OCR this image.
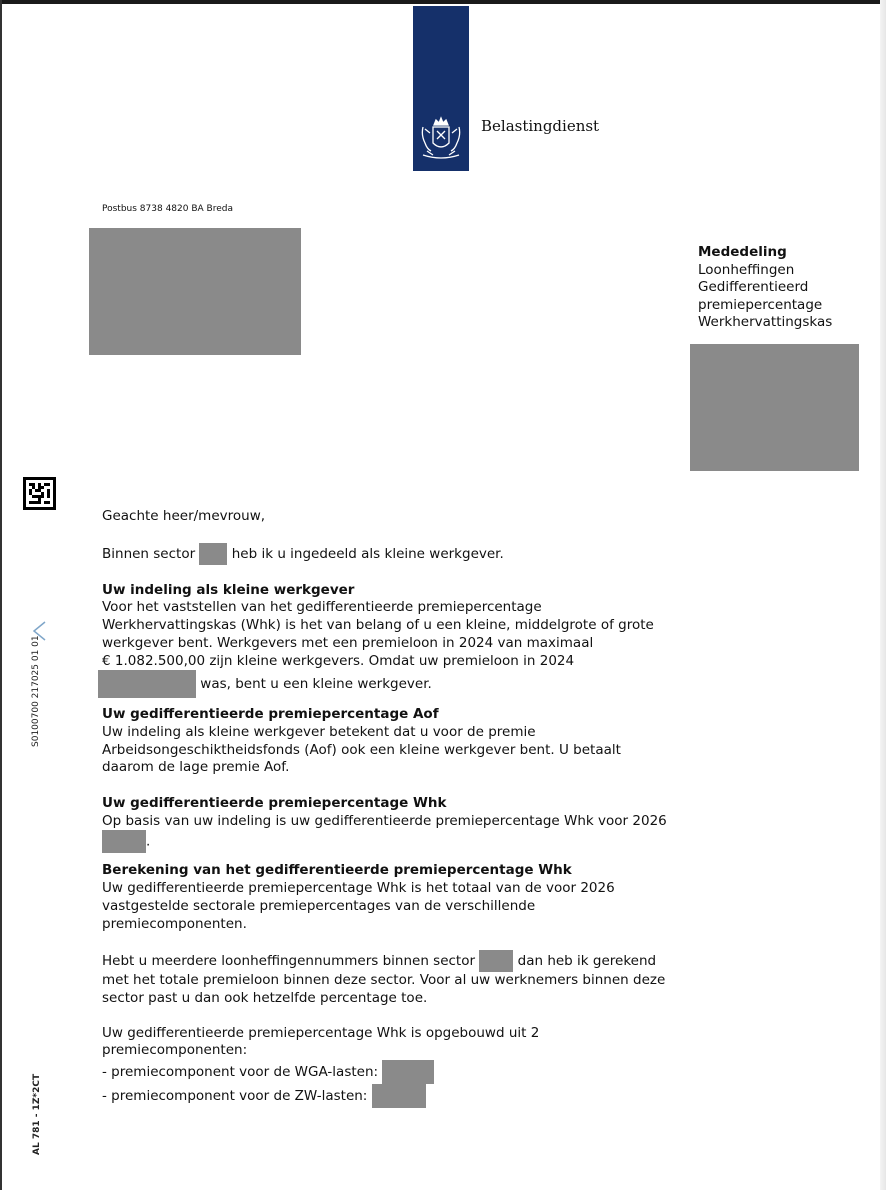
Belastingdienst
Postbus 8738 4820 BA Breda
Mededeling
Loonheffingen
Gedifferentieerd
premiepercentage
Werkhervattingskas
S0100700 217025 01 01
AL 781 - 1Z*2CT

Geachte heer/mevrouw,

Binnen sector	heb ik u ingedeeld als kleine werkgever.

Uw indeling als kleine werkgever

Voor het vaststellen van het gedifferentieerde premiepercentage

Werkhervattingskas (Whk) is het van belang of u een kleine, middelgrote of grote

werkgever bent. Werkgevers met een premieloon in 2024 van maximaal

€ 1.082.500,00 zijn kleine werkgevers. Omdat uw premieloon in 2024

was, bent u een kleine werkgever.

Uw gedifferentieerde premiepercentage Aof

Uw indeling als kleine werkgever betekent dat u voor de premie

Arbeidsongeschiktheidsfonds (Aof) ook een kleine werkgever bent. U betaalt

daarom de lage premie Aof.

Uw gedifferentieerde premiepercentage Whk

Op basis van uw indeling is uw gedifferentieerde premiepercentage Whk voor 2026

.

Berekening van het gedifferentieerde premiepercentage Whk

Uw gedifferentieerde premiepercentage Whk is het totaal van de voor 2026

vastgestelde sectorale premiepercentages van de verschillende

premiecomponenten.

Hebt u meerdere loonheffingennummers binnen sector	dan heb ik gerekend

met het totale premieloon binnen deze sector. Voor al uw werknemers binnen deze

sector past u dan ook hetzelfde percentage toe.

Uw gedifferentieerde premiepercentage Whk is opgebouwd uit 2

premiecomponenten:

- premiecomponent voor de WGA-lasten:

- premiecomponent voor de ZW-lasten:
